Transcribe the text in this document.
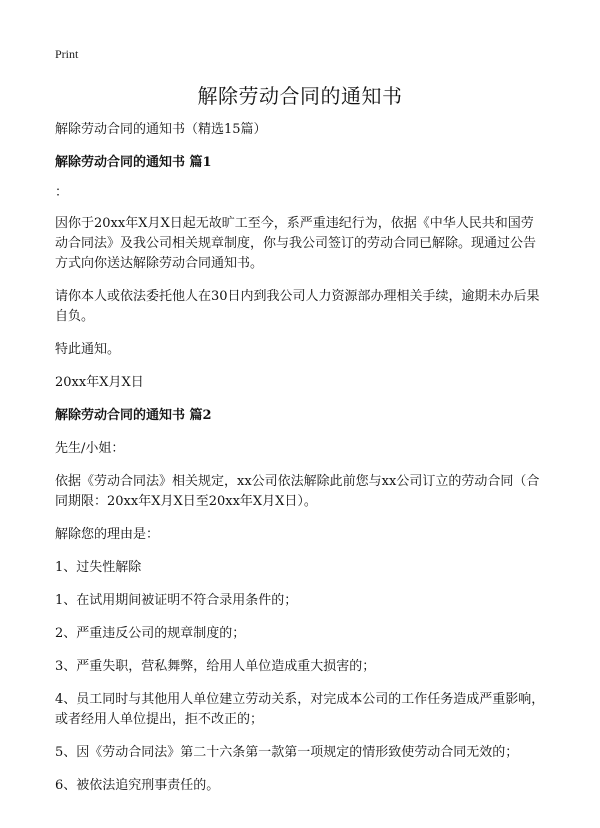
Print
解除劳动合同的通知书

解除劳动合同的通知书（精选15篇）

解除劳动合同的通知书 篇1

：

因你于20xx年X月X日起无故旷工至今，系严重违纪行为，依据《中华人民共和国劳动合同法》及我公司相关规章制度，你与我公司签订的劳动合同已解除。现通过公告方式向你送达解除劳动合同通知书。

请你本人或依法委托他人在30日内到我公司人力资源部办理相关手续，逾期未办后果自负。

特此通知。

20xx年X月X日

解除劳动合同的通知书 篇2

先生/小姐：

依据《劳动合同法》相关规定，xx公司依法解除此前您与xx公司订立的劳动合同（合同期限：20xx年X月X日至20xx年X月X日）。

解除您的理由是：

1、过失性解除

1、在试用期间被证明不符合录用条件的；

2、严重违反公司的规章制度的；

3、严重失职，营私舞弊，给用人单位造成重大损害的；

4、员工同时与其他用人单位建立劳动关系，对完成本公司的工作任务造成严重影响，或者经用人单位提出，拒不改正的；

5、因《劳动合同法》第二十六条第一款第一项规定的情形致使劳动合同无效的；

6、被依法追究刑事责任的。
